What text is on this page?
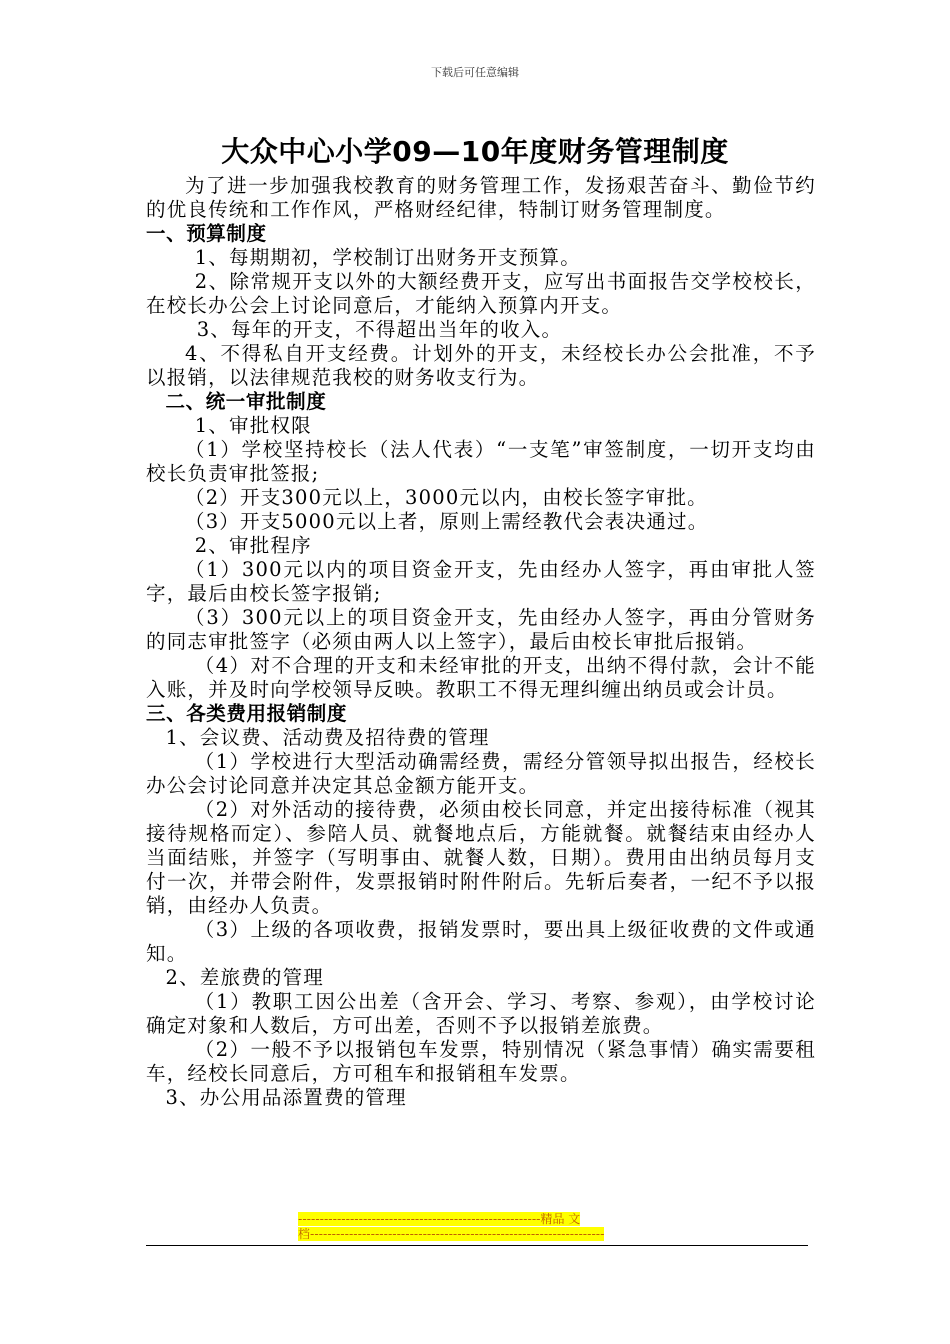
下载后可任意编辑
大众中心小学09—10年度财务管理制度

为了进一步加强我校教育的财务管理工作，发扬艰苦奋斗、勤俭节约的优良传统和工作作风，严格财经纪律，特制订财务管理制度。

一、预算制度

1、每期期初，学校制订出财务开支预算。

2、除常规开支以外的大额经费开支，应写出书面报告交学校校长，在校长办公会上讨论同意后，才能纳入预算内开支。

3、每年的开支，不得超出当年的收入。

4、不得私自开支经费。计划外的开支，未经校长办公会批准，不予以报销，以法律规范我校的财务收支行为。

二、统一审批制度

1、审批权限

（1）学校坚持校长（法人代表）“一支笔”审签制度，一切开支均由校长负责审批签报;

（2）开支300元以上，3000元以内，由校长签字审批。

（3）开支5000元以上者，原则上需经教代会表决通过。

2、审批程序

（1）300元以内的项目资金开支，先由经办人签字，再由审批人签字，最后由校长签字报销;

（3）300元以上的项目资金开支，先由经办人签字，再由分管财务的同志审批签字（必须由两人以上签字），最后由校长审批后报销。

（4）对不合理的开支和未经审批的开支，出纳不得付款，会计不能入账，并及时向学校领导反映。教职工不得无理纠缠出纳员或会计员。

三、各类费用报销制度

1、会议费、活动费及招待费的管理

（1）学校进行大型活动确需经费，需经分管领导拟出报告，经校长办公会讨论同意并决定其总金额方能开支。

（2）对外活动的接待费，必须由校长同意，并定出接待标准（视其接待规格而定）、参陪人员、就餐地点后，方能就餐。就餐结束由经办人当面结账，并签字（写明事由、就餐人数，日期）。费用由出纳员每月支付一次，并带会附件，发票报销时附件附后。先斩后奏者，一纪不予以报销，由经办人负责。

（3）上级的各项收费，报销发票时，要出具上级征收费的文件或通知。

2、差旅费的管理

（1）教职工因公出差（含开会、学习、考察、参观），由学校讨论确定对象和人数后，方可出差，否则不予以报销差旅费。

（2）一般不予以报销包车发票，特别情况（紧急事情）确实需要租车，经校长同意后，方可租车和报销租车发票。

3、办公用品添置费的管理

--------------------------------------------------------精品 文
档--------------------------------------------------------------------
